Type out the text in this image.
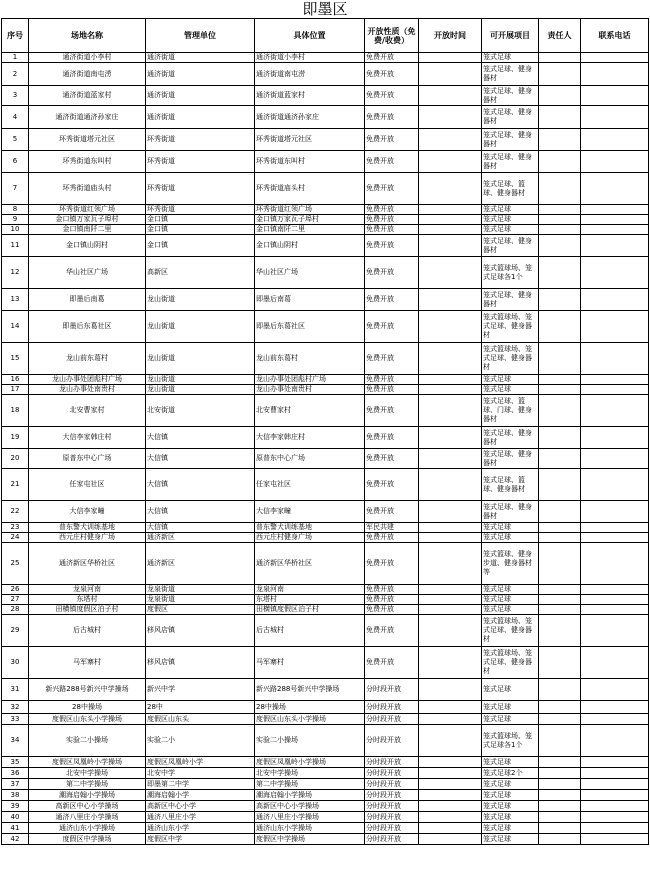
即墨区
序号	场地名称	管理单位	具体位置	开放性质（免费/收费）	开放时间	可开展项目	责任人	联系电话
1	通济街道小李村	通济街道	通济街道小李村	免费开放		笼式足球		
2	通济街道南屯涝	通济街道	通济街道南屯涝	免费开放		笼式足球、健身器材		
3	通济街道蓝家村	通济街道	通济街道蓝家村	免费开放		笼式足球、健身器材		
4	通济街道通济孙家庄	通济街道	通济街道通济孙家庄	免费开放		笼式足球、健身器材		
5	环秀街道塔元社区	环秀街道	环秀街道塔元社区	免费开放		笼式足球、健身器材		
6	环秀街道东叫村	环秀街道	环秀街道东叫村	免费开放		笼式足球、健身器材		
7	环秀街道庙头村	环秀街道	环秀街道庙头村	免费开放		笼式足球、篮球、健身器材		
8	环秀街道红领广场	环秀街道	环秀街道红领广场	免费开放		笼式足球		
9	金口镇万家瓦子埠村	金口镇	金口镇万家瓦子埠村	免费开放		笼式足球		
10	金口镇南阡二里	金口镇	金口镇南阡二里	免费开放		笼式足球		
11	金口镇山阴村	金口镇	金口镇山阴村	免费开放		笼式足球、健身器材		
12	华山社区广场	高新区	华山社区广场	免费开放		笼式篮球场、笼式足球各1个		
13	即墨后南葛	龙山街道	即墨后南葛	免费开放		笼式足球、健身器材		
14	即墨后东葛社区	龙山街道	即墨后东葛社区	免费开放		笼式篮球场、笼式足球、健身器材		
15	龙山前东葛村	龙山街道	龙山前东葛村	免费开放		笼式篮球场、笼式足球、健身器材		
16	龙山办事处团彪村广场	龙山街道	龙山办事处团彪村广场	免费开放		笼式足球		
17	龙山办事处南贵村	龙山街道	龙山办事处南贵村	免费开放		笼式足球		
18	北安曹家村	北安街道	北安曹家村	免费开放		笼式足球、篮球、门球、健身器材		
19	大信李家韩庄村	大信镇	大信李家韩庄村	免费开放		笼式足球、健身器材		
20	原普东中心广场	大信镇	原普东中心广场	免费开放		笼式足球、健身器材		
21	任家屯社区	大信镇	任家屯社区	免费开放		笼式足球、篮球、健身器材		
22	大信李家疃	大信镇	大信李家疃	免费开放		笼式足球、健身器材		
23	普东警犬训练基地	大信镇	普东警犬训练基地	军民共建		笼式足球		
24	西元庄村健身广场	通济新区	西元庄村健身广场	免费开放		笼式足球		
25	通济新区华桥社区	通济新区	通济新区华桥社区	免费开放		笼式篮球、健身步道、健身器材等		
26	龙泉河南	龙泉街道	龙泉河南	免费开放		笼式足球		
27	东塔村	龙泉街道	东塔村	免费开放		笼式足球		
28	田横镇度假区泊子村	度假区	田横镇度假区泊子村	免费开放		笼式足球		
29	后古城村	移风店镇	后古城村	免费开放		笼式篮球场、笼式足球、健身器材		
30	马军寨村	移风店镇	马军寨村	免费开放		笼式篮球场、笼式足球、健身器材		
31	新兴路288号新兴中学操场	新兴中学	新兴路288号新兴中学操场	分时段开放		笼式足球		
32	28中操场	28中	28中操场	分时段开放		笼式足球		
33	度假区山东头小学操场	度假区山东头	度假区山东头小学操场	分时段开放		笼式足球		
34	实验二小操场	实验二小	实验二小操场	分时段开放		笼式篮球场、笼式足球各1个		
35	度假区凤凰岭小学操场	度假区凤凰岭小学	度假区凤凰岭小学操场	分时段开放		笼式足球		
36	北安中学操场	北安中学	北安中学操场	分时段开放		笼式足球2个		
37	第二中学操场	即墨第二中学	第二中学操场	分时段开放		笼式足球		
38	潮海启翰小学操场	潮海启翰小学	潮海启翰小学操场	分时段开放		笼式足球		
39	高新区中心小学操场	高新区中心小学	高新区中心小学操场	分时段开放		笼式足球		
40	通济八里庄小学操场	通济八里庄小学	通济八里庄小学操场	分时段开放		笼式足球		
41	通济山东小学操场	通济山东小学	通济山东小学操场	分时段开放		笼式足球		
42	度假区中学操场	度假区中学	度假区中学操场	分时段开放		笼式足球		
